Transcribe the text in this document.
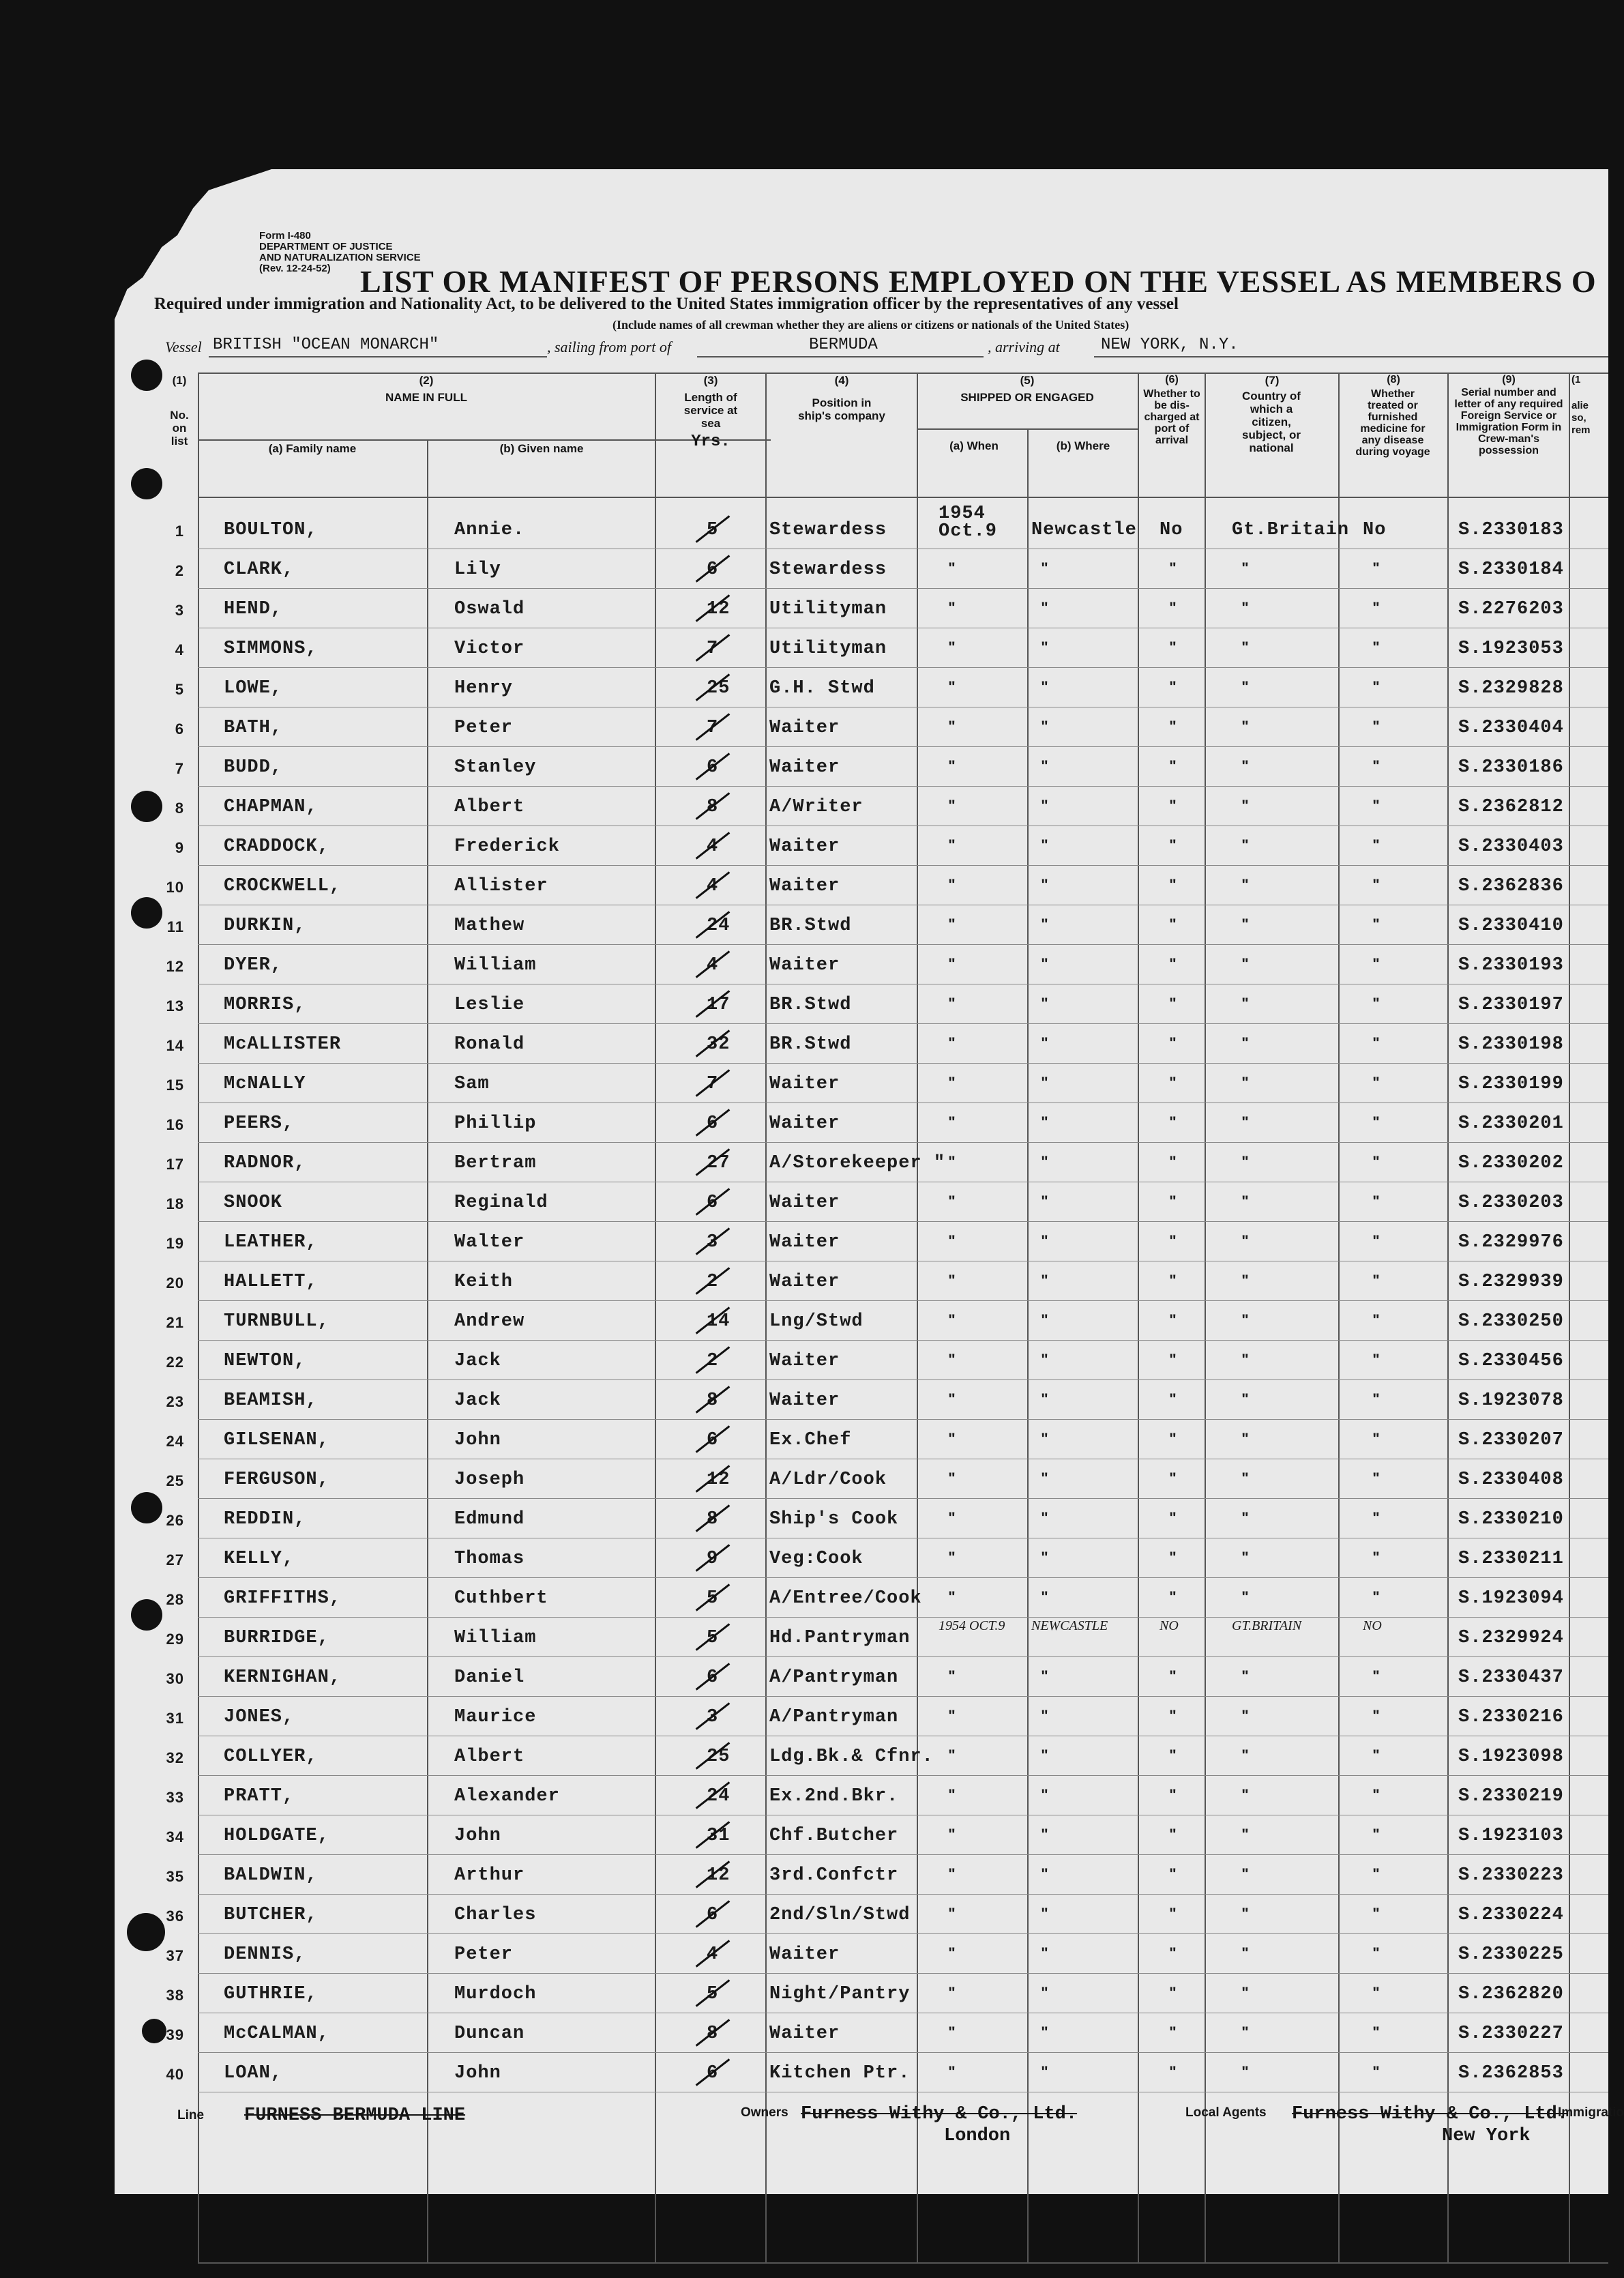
Form I-480
DEPARTMENT OF JUSTICE
AND NATURALIZATION SERVICE
(Rev. 12-24-52) LIST OR MANIFEST OF PERSONS EMPLOYED ON THE VESSEL AS MEMBERS O
Required under immigration and Nationality Act, to be delivered to the United States immigration officer by the representatives of any vessel
(Include names of all crewman whether they are aliens or citizens or nationals of the United States)
Vessel BRITISH "OCEAN MONARCH"	, sailing from port of	BERMUDA	, arriving at	NEW YORK, N.Y.
(1)
No. on list
(2)
NAME IN FULL
(a) Family name	(b) Given name
(3)
Length of service at sea
Yrs.
(4)
Position in ship's company
(5)
SHIPPED OR ENGAGED
(a) When	(b) Where
(6)
Whether to be dis-charged at port of arrival
(7)
Country of which a citizen, subject, or national
(8)
Whether treated or furnished medicine for any disease during voyage
(9)
Serial number and letter of any required Foreign Service or Immigration Form in Crew-man's possession
(1
alie so, rem
1 BOULTON,	Annie.	5	Stewardess
1954 Oct.9 Newcastle No	Gt.Britain No	S.2330183
2 CLARK,	Lily	6	Stewardess	"	"	"	"	"	S.2330184
3 HEND,	Oswald	12 Utilityman	"	"	"	"	"	S.2276203
4 SIMMONS,	Victor	7	Utilityman	"	"	"	"	"	S.1923053
5 LOWE,	Henry	25 G.H. Stwd	"	"	"	"	"	S.2329828
6 BATH,	Peter	7	Waiter	"	"	"	"	"	S.2330404
7 BUDD,	Stanley	6	Waiter	"	"	"	"	"	S.2330186
8 CHAPMAN,	Albert	8	A/Writer	"	"	"	"	"	S.2362812
9 CRADDOCK,	Frederick	4	Waiter	"	"	"	"	"	S.2330403
10 CROCKWELL,	Allister	4	Waiter	"	"	"	"	"	S.2362836
11 DURKIN,	Mathew	24 BR.Stwd	"	"	"	"	"	S.2330410
12 DYER,	William	4	Waiter	"	"	"	"	"	S.2330193
13 MORRIS,	Leslie	17 BR.Stwd	"	"	"	"	"	S.2330197
14 McALLISTER	Ronald	32 BR.Stwd	"	"	"	"	"	S.2330198
15 McNALLY	Sam	7	Waiter	"	"	"	"	"	S.2330199
16 PEERS,	Phillip	6	Waiter	"	"	"	"	"	S.2330201
17 RADNOR,	Bertram	27 A/Storekeeper " "	"	"	"	"	S.2330202
18 SNOOK	Reginald	6	Waiter	"	"	"	"	"	S.2330203
19 LEATHER,	Walter	3	Waiter	"	"	"	"	"	S.2329976
20 HALLETT,	Keith	2	Waiter	"	"	"	"	"	S.2329939
21 TURNBULL,	Andrew	14 Lng/Stwd	"	"	"	"	"	S.2330250
22 NEWTON,	Jack	2	Waiter	"	"	"	"	"	S.2330456
23 BEAMISH,	Jack	8	Waiter	"	"	"	"	"	S.1923078
24 GILSENAN,	John	6	Ex.Chef	"	"	"	"	"	S.2330207
25 FERGUSON,	Joseph	12 A/Ldr/Cook	"	"	"	"	"	S.2330408
26 REDDIN,	Edmund	8	Ship's Cook	"	"	"	"	"	S.2330210
27 KELLY,	Thomas	9	Veg:Cook	"	"	"	"	"	S.2330211
28 GRIFFITHS,	Cuthbert	5	A/Entree/Cook	"	"	"	"	"	S.1923094
29 BURRIDGE,	William	5	Hd.Pantryman
1954 OCT.9 NEWCASTLE	NO	GT.BRITAIN	NO
S.2329924
30 KERNIGHAN,	Daniel	6	A/Pantryman	"	"	"	"	"	S.2330437
31 JONES,	Maurice	3	A/Pantryman	"	"	"	"	"	S.2330216
32 COLLYER,	Albert	25 Ldg.Bk.& Cfnr. "	"	"	"	"	S.1923098
33 PRATT,	Alexander	24 Ex.2nd.Bkr.	"	"	"	"	"	S.2330219
34 HOLDGATE,	John	31 Chf.Butcher	"	"	"	"	"	S.1923103
35 BALDWIN,	Arthur	12 3rd.Confctr	"	"	"	"	"	S.2330223
36 BUTCHER,	Charles	6	2nd/Sln/Stwd	"	"	"	"	"	S.2330224
37 DENNIS,	Peter	4	Waiter	"	"	"	"	"	S.2330225
38 GUTHRIE,	Murdoch	5	Night/Pantry	"	"	"	"	"	S.2362820
39 McCALMAN,	Duncan	8	Waiter	"	"	"	"	"	S.2330227
40 LOAN,	John	6	Kitchen Ptr.	"	"	"	"	"	S.2362853
Line FURNESS BERMUDA LINE	Owners Furness Withy & Co., Ltd.
London
Local Agents Furness Withy & Co., Ltd.
New York
Immigratio
